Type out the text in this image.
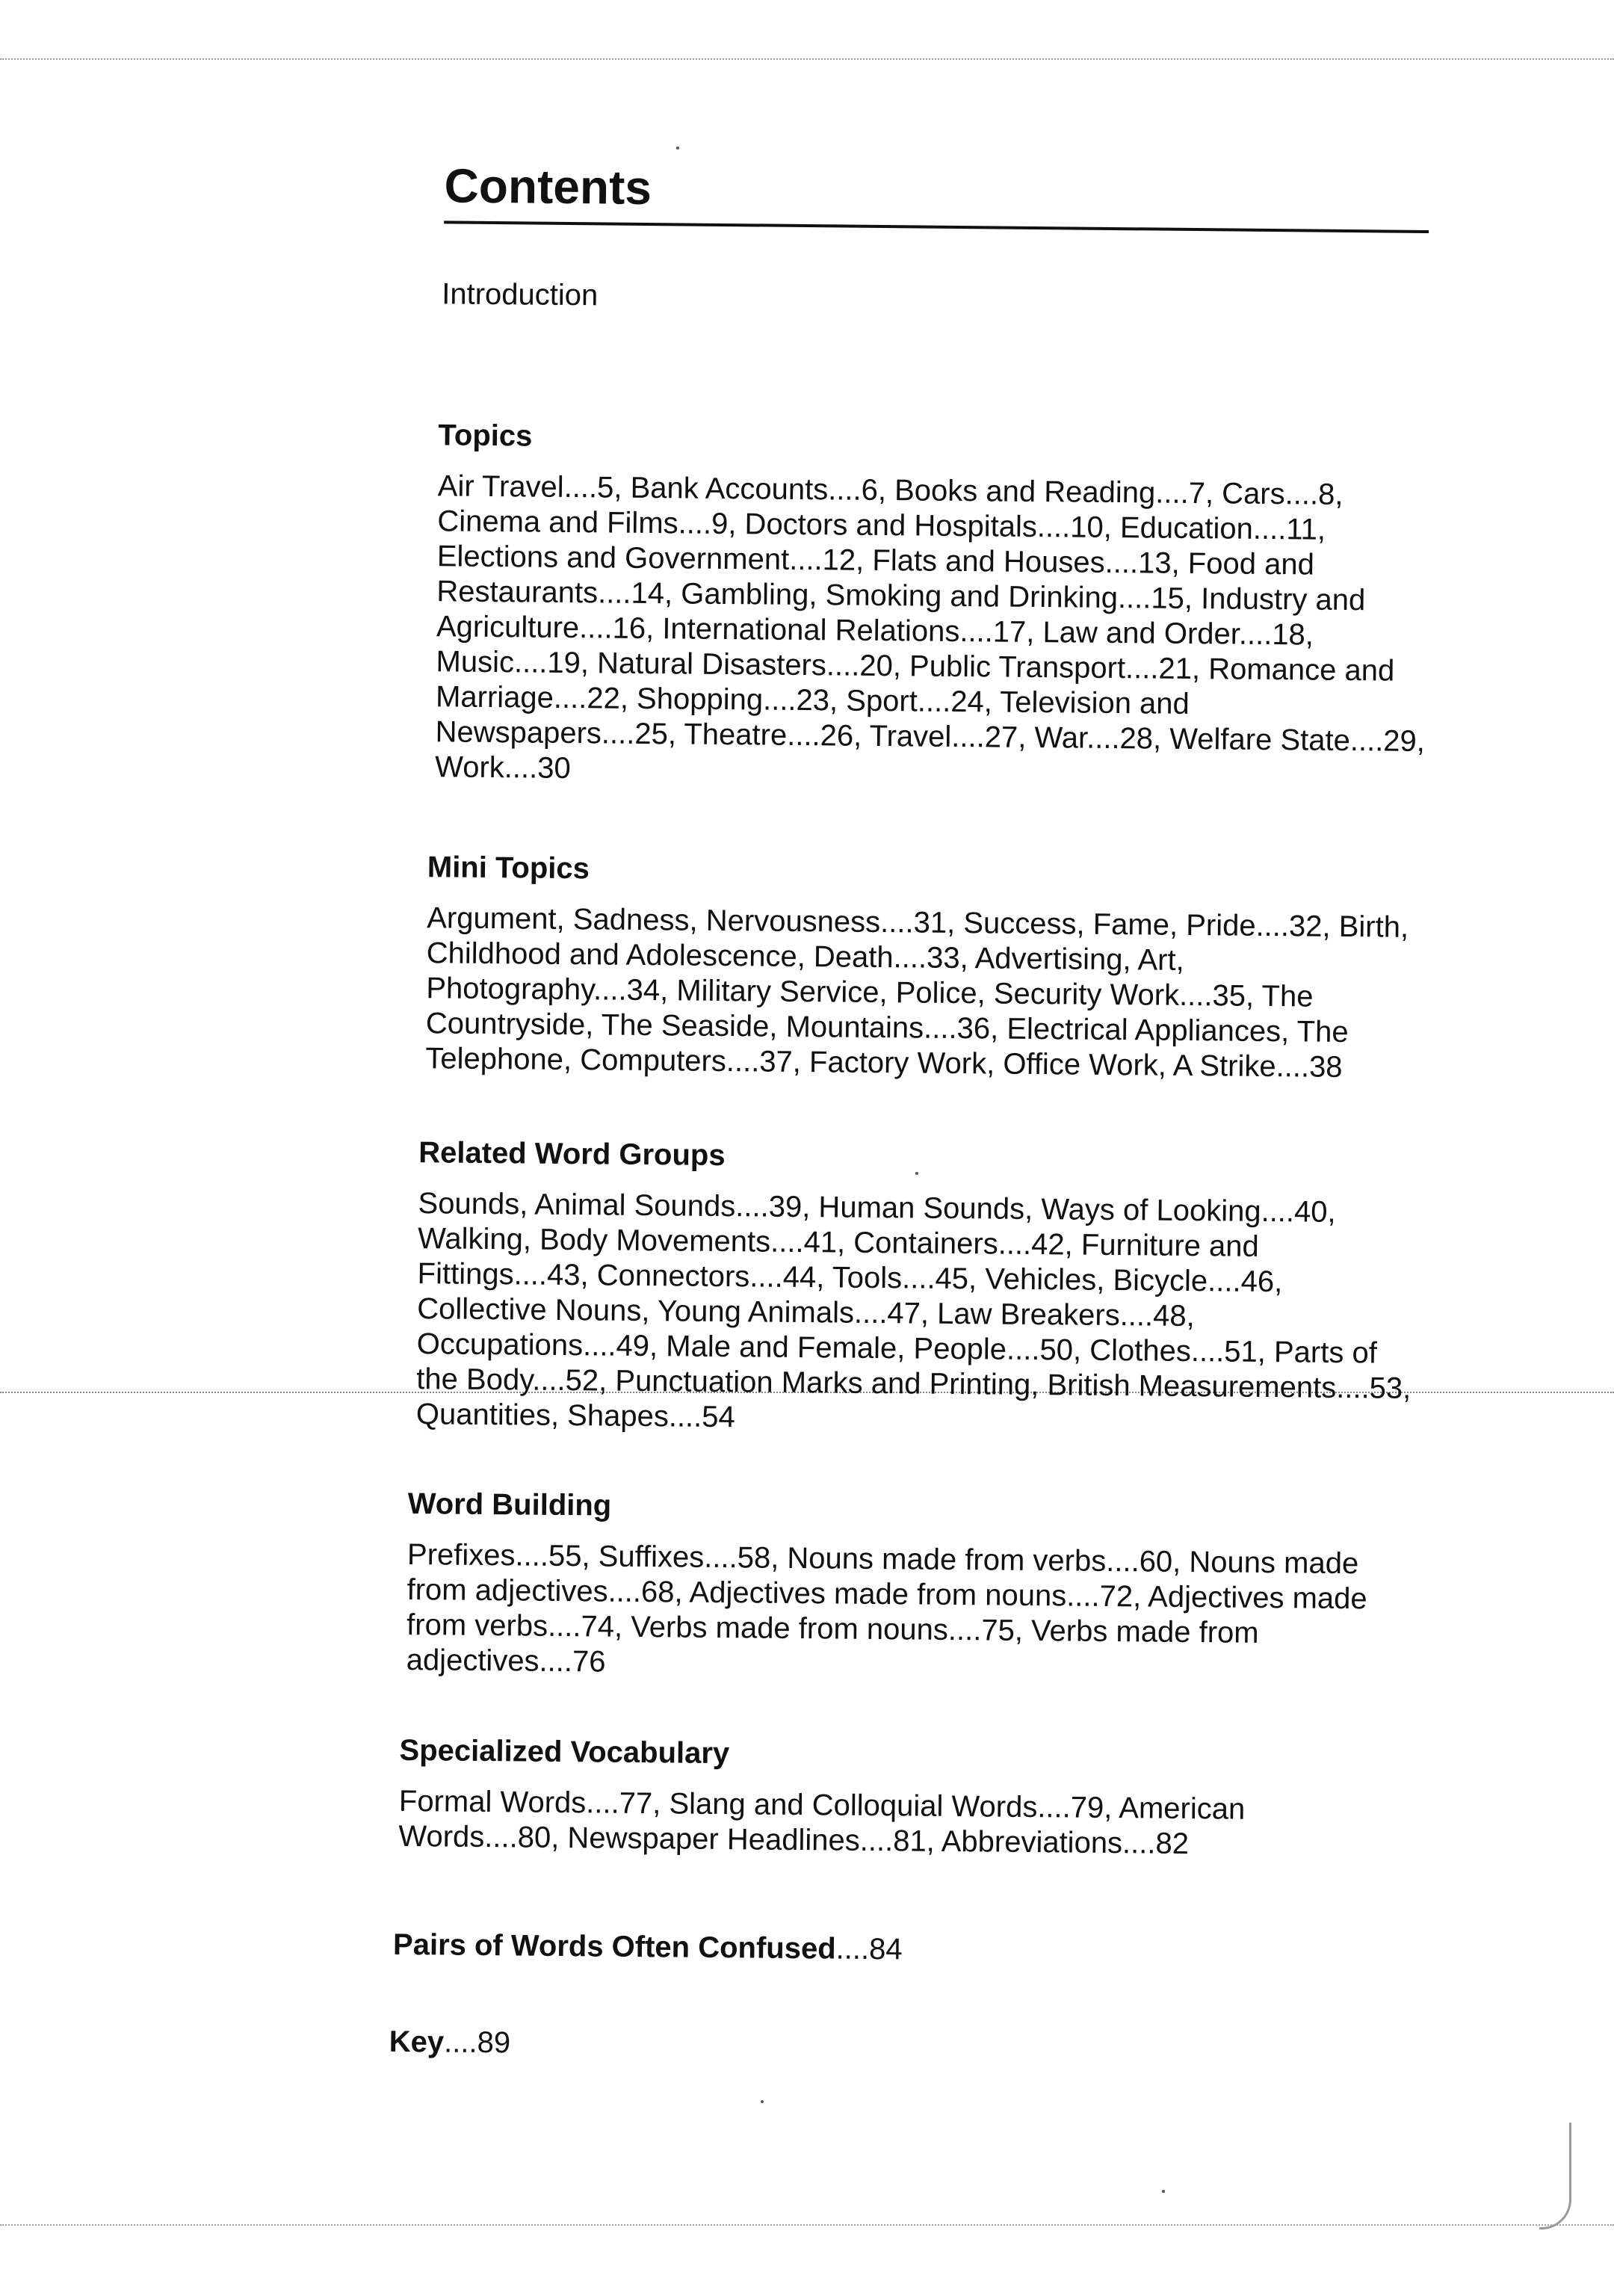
Contents
Introduction
Topics

Air Travel....5, Bank Accounts....6, Books and Reading....7, Cars....8, Cinema and Films....9, Doctors and Hospitals....10, Education....11, Elections and Government....12, Flats and Houses....13, Food and Restaurants....14, Gambling, Smoking and Drinking....15, Industry and Agriculture....16, International Relations....17, Law and Order....18, Music....19, Natural Disasters....20, Public Transport....21, Romance and Marriage....22, Shopping....23, Sport....24, Television and Newspapers....25, Theatre....26, Travel....27, War....28, Welfare State....29, Work....30

Mini Topics

Argument, Sadness, Nervousness....31, Success, Fame, Pride....32, Birth, Childhood and Adolescence, Death....33, Advertising, Art, Photography....34, Military Service, Police, Security Work....35, The Countryside, The Seaside, Mountains....36, Electrical Appliances, The Telephone, Computers....37, Factory Work, Office Work, A Strike....38

Related Word Groups

Sounds, Animal Sounds....39, Human Sounds, Ways of Looking....40, Walking, Body Movements....41, Containers....42, Furniture and Fittings....43, Connectors....44, Tools....45, Vehicles, Bicycle....46, Collective Nouns, Young Animals....47, Law Breakers....48, Occupations....49, Male and Female, People....50, Clothes....51, Parts of the Body....52, Punctuation Marks and Printing, British Measurements....53, Quantities, Shapes....54

Word Building

Prefixes....55, Suffixes....58, Nouns made from verbs....60, Nouns made from adjectives....68, Adjectives made from nouns....72, Adjectives made from verbs....74, Verbs made from nouns....75, Verbs made from adjectives....76

Specialized Vocabulary

Formal Words....77, Slang and Colloquial Words....79, American Words....80, Newspaper Headlines....81, Abbreviations....82

Pairs of Words Often Confused....84
Key....89
